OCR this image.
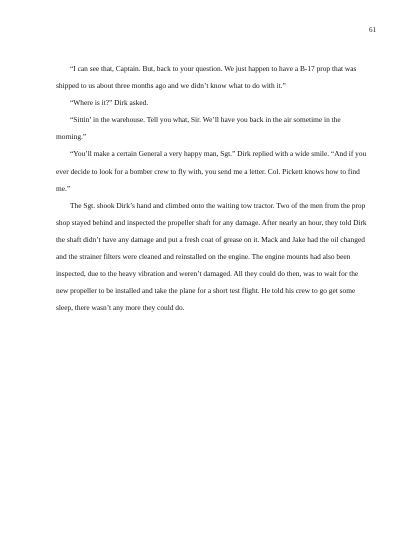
61

“I can see that, Captain. But, back to your question. We just happen to have a B-17 prop that was shipped to us about three months ago and we didn’t know what to do with it.”

“Where is it?” Dirk asked.

“Sittin’ in the warehouse. Tell you what, Sir. We’ll have you back in the air sometime in the morning.”

“You’ll make a certain General a very happy man, Sgt.” Dirk replied with a wide smile. “And if you ever decide to look for a bomber crew to fly with, you send me a letter. Col. Pickett knows how to find me.”

The Sgt. shook Dirk’s hand and climbed onto the waiting tow tractor. Two of the men from the prop shop stayed behind and inspected the propeller shaft for any damage. After nearly an hour, they told Dirk the shaft didn’t have any damage and put a fresh coat of grease on it. Mack and Jake had the oil changed and the strainer filters were cleaned and reinstalled on the engine. The engine mounts had also been inspected, due to the heavy vibration and weren’t damaged. All they could do then, was to wait for the new propeller to be installed and take the plane for a short test flight. He told his crew to go get some sleep, there wasn’t any more they could do.
